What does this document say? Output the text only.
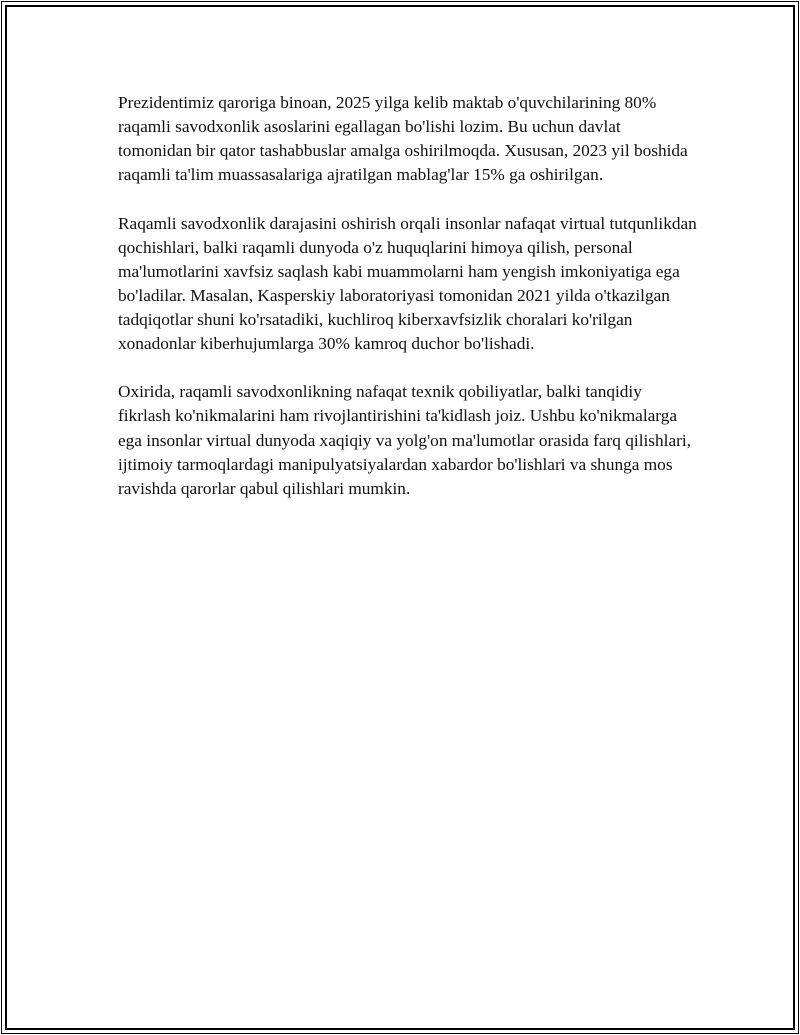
Prezidentimiz qaroriga binoan, 2025 yilga kelib maktab o'quvchilarining 80% raqamli savodxonlik asoslarini egallagan bo'lishi lozim. Bu uchun davlat tomonidan bir qator tashabbuslar amalga oshirilmoqda. Xususan, 2023 yil boshida raqamli ta'lim muassasalariga ajratilgan mablag'lar 15% ga oshirilgan.

Raqamli savodxonlik darajasini oshirish orqali insonlar nafaqat virtual tutqunlikdan qochishlari, balki raqamli dunyoda o'z huquqlarini himoya qilish, personal ma'lumotlarini xavfsiz saqlash kabi muammolarni ham yengish imkoniyatiga ega bo'ladilar. Masalan, Kasperskiy laboratoriyasi tomonidan 2021 yilda o'tkazilgan tadqiqotlar shuni ko'rsatadiki, kuchliroq kiberxavfsizlik choralari ko'rilgan xonadonlar kiberhujumlarga 30% kamroq duchor bo'lishadi.

Oxirida, raqamli savodxonlikning nafaqat texnik qobiliyatlar, balki tanqidiy fikrlash ko'nikmalarini ham rivojlantirishini ta'kidlash joiz. Ushbu ko'nikmalarga ega insonlar virtual dunyoda xaqiqiy va yolg'on ma'lumotlar orasida farq qilishlari, ijtimoiy tarmoqlardagi manipulyatsiyalardan xabardor bo'lishlari va shunga mos ravishda qarorlar qabul qilishlari mumkin.
